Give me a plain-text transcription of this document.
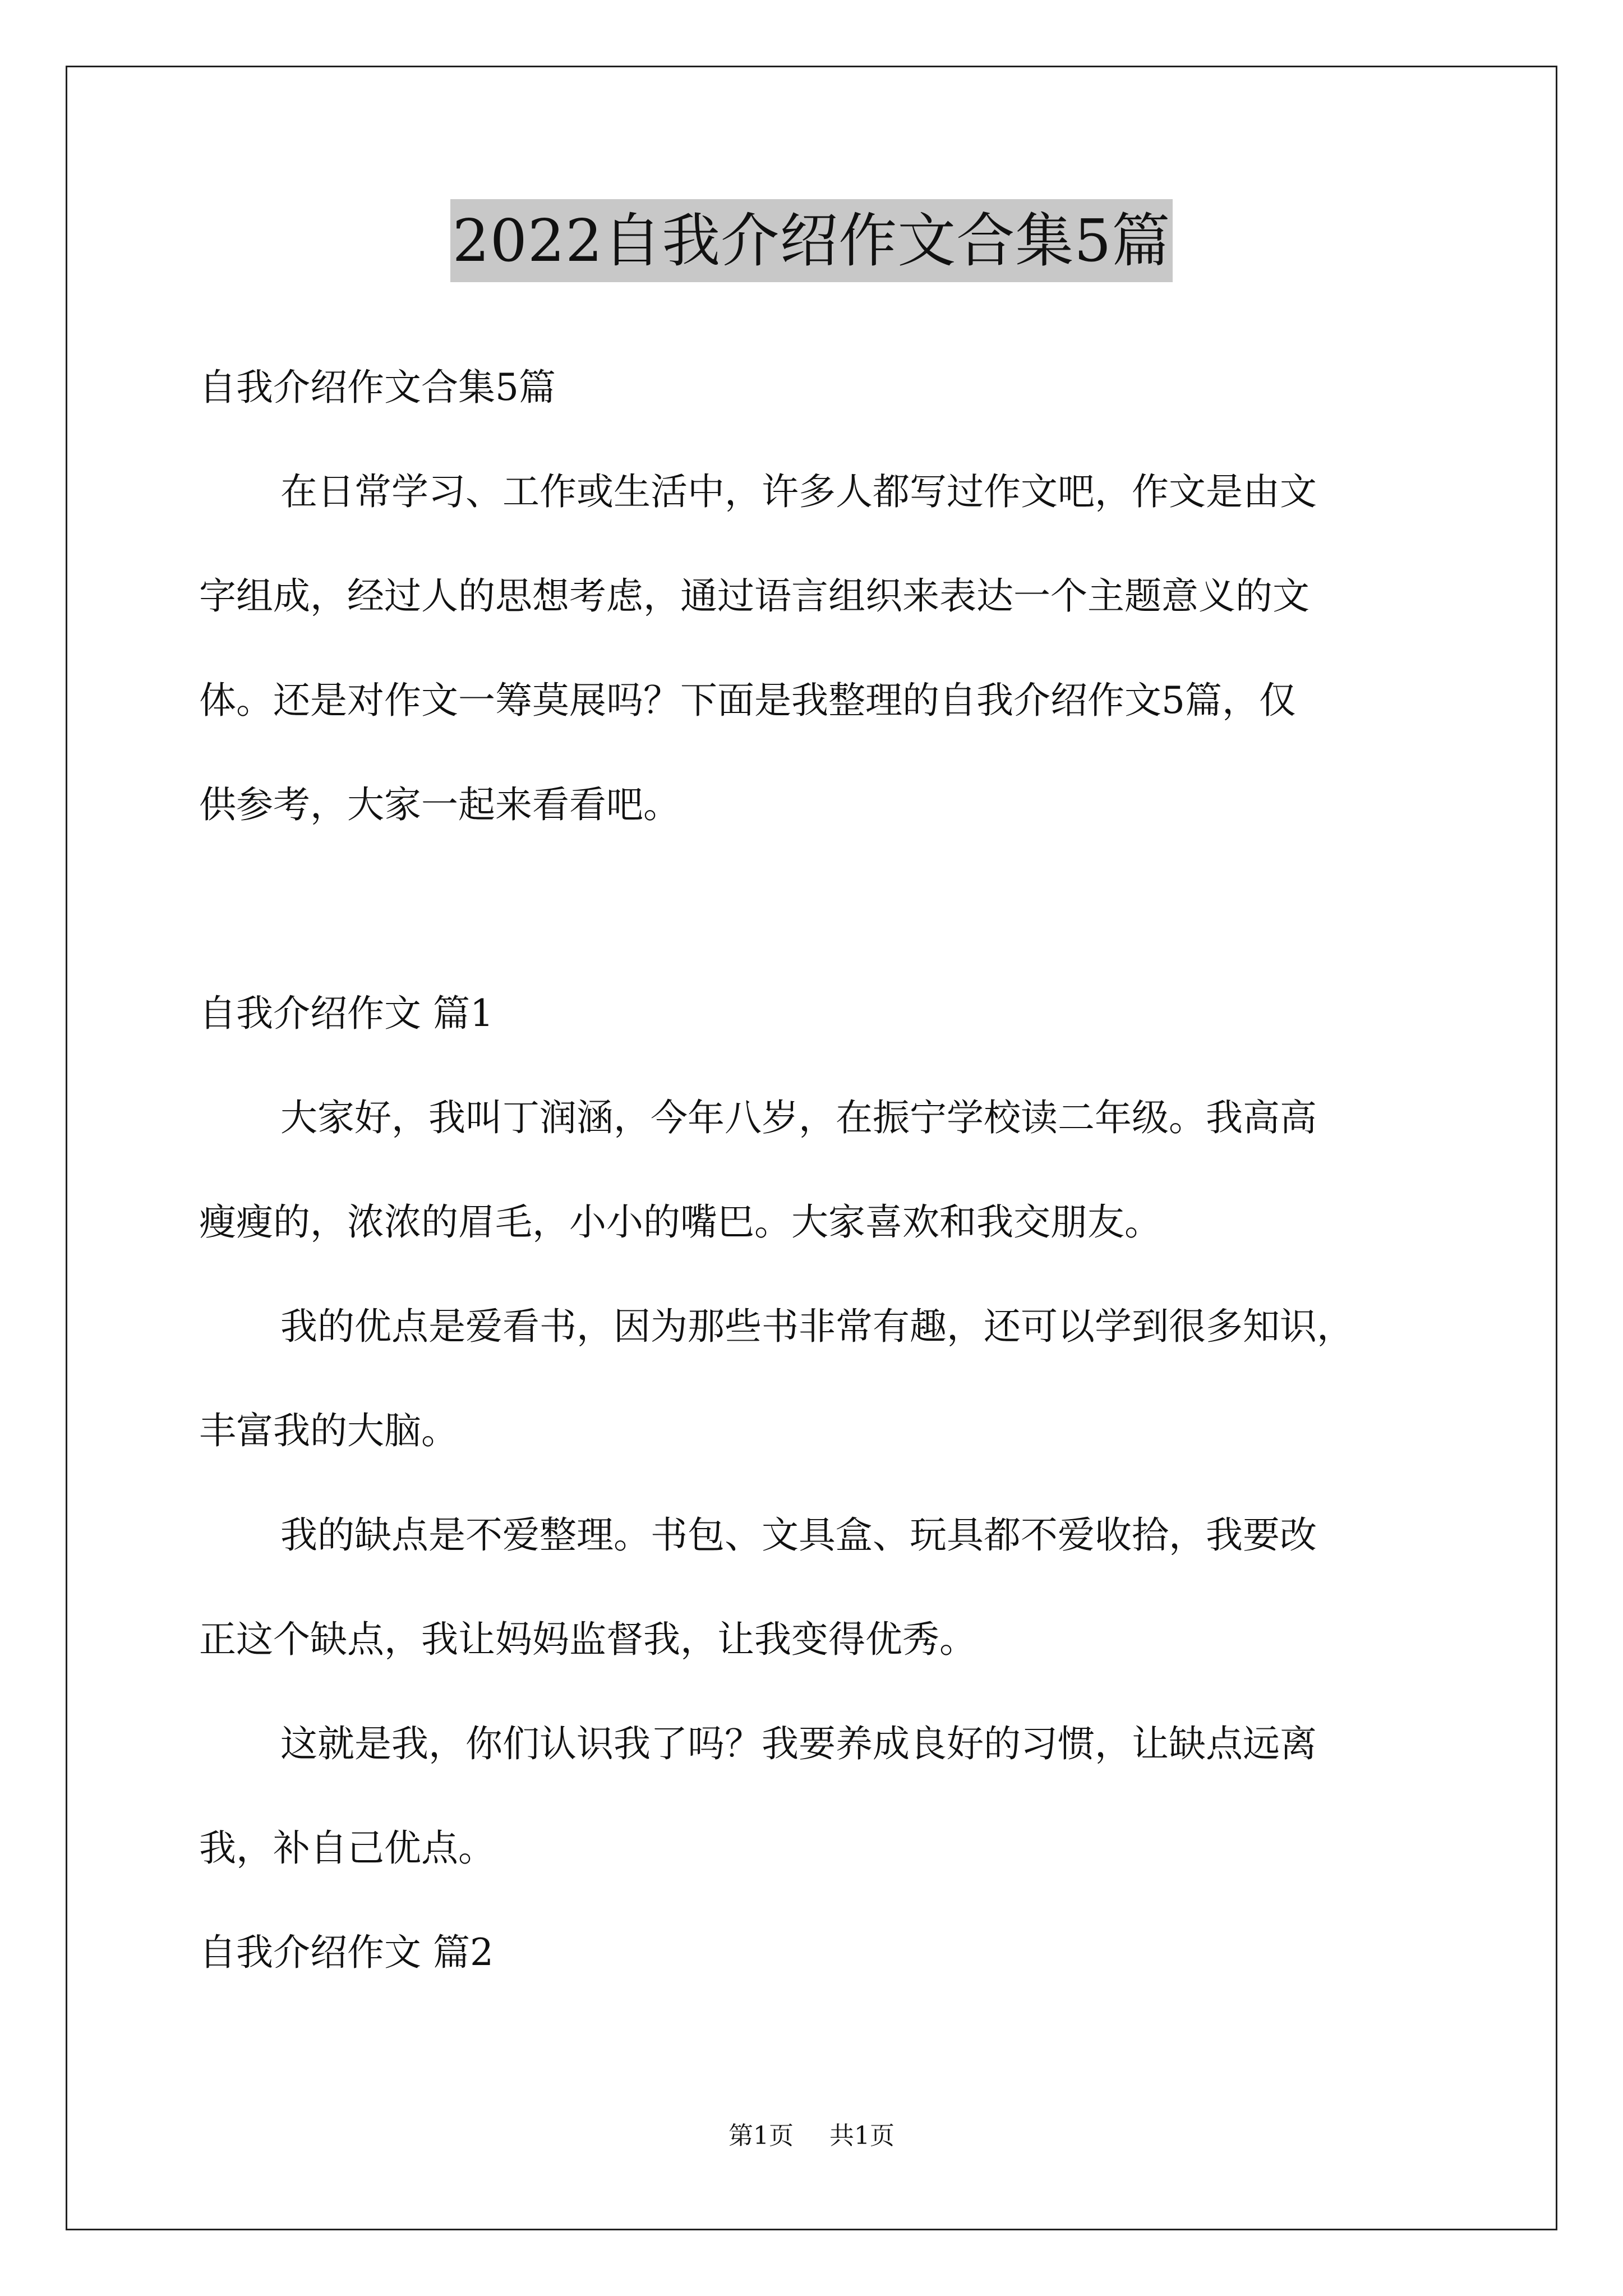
2022自我介绍作文合集5篇

自我介绍作文合集5篇

在日常学习、工作或生活中，许多人都写过作文吧，作文是由文

字组成，经过人的思想考虑，通过语言组织来表达一个主题意义的文

体。还是对作文一筹莫展吗？下面是我整理的自我介绍作文5篇，仅

供参考，大家一起来看看吧。

自我介绍作文 篇1

大家好，我叫丁润涵，今年八岁，在振宁学校读二年级。我高高

瘦瘦的，浓浓的眉毛，小小的嘴巴。大家喜欢和我交朋友。

我的优点是爱看书，因为那些书非常有趣，还可以学到很多知识，

丰富我的大脑。

我的缺点是不爱整理。书包、文具盒、玩具都不爱收拾，我要改

正这个缺点，我让妈妈监督我，让我变得优秀。

这就是我，你们认识我了吗？我要养成良好的习惯，让缺点远离

我，补自己优点。

自我介绍作文 篇2

第1页 共1页
